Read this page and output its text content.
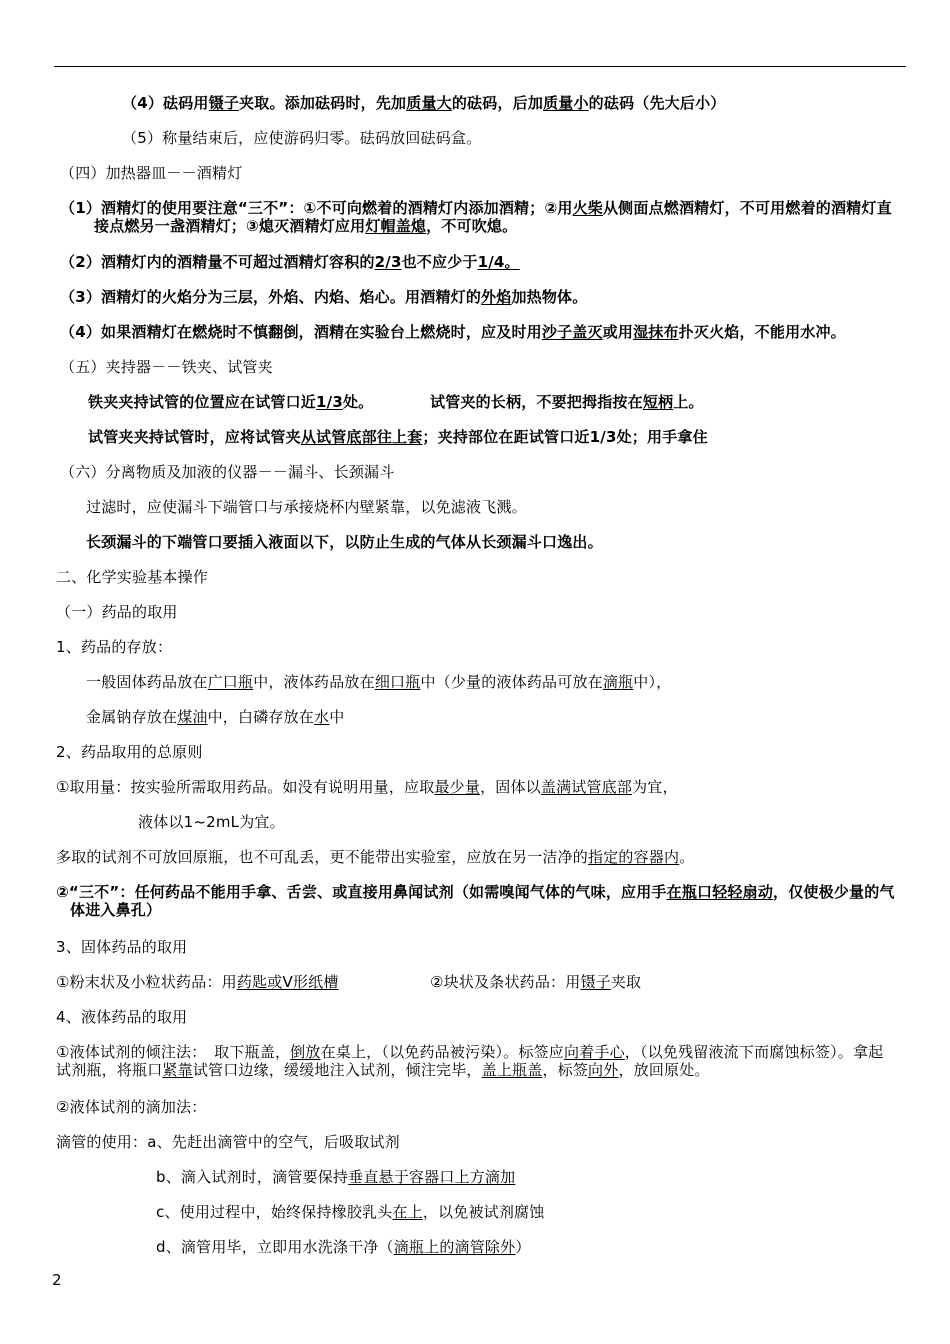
（4）砝码用镊子夹取。添加砝码时，先加质量大的砝码，后加质量小的砝码（先大后小）
（5）称量结束后，应使游码归零。砝码放回砝码盒。
（四）加热器皿－－酒精灯
（1）酒精灯的使用要注意“三不”：①不可向燃着的酒精灯内添加酒精；②用火柴从侧面点燃酒精灯，不可用燃着的酒精灯直接点燃另一盏酒精灯；③熄灭酒精灯应用灯帽盖熄，不可吹熄。
（2）酒精灯内的酒精量不可超过酒精灯容积的2/3也不应少于1/4。
（3）酒精灯的火焰分为三层，外焰、内焰、焰心。用酒精灯的外焰加热物体。
（4）如果酒精灯在燃烧时不慎翻倒，酒精在实验台上燃烧时，应及时用沙子盖灭或用湿抹布扑灭火焰，不能用水冲。
（五）夹持器－－铁夹、试管夹
铁夹夹持试管的位置应在试管口近1/3处。	试管夹的长柄，不要把拇指按在短柄上。
试管夹夹持试管时，应将试管夹从试管底部往上套；夹持部位在距试管口近1/3处；用手拿住
（六）分离物质及加液的仪器－－漏斗、长颈漏斗
过滤时，应使漏斗下端管口与承接烧杯内壁紧靠，以免滤液飞溅。
长颈漏斗的下端管口要插入液面以下，以防止生成的气体从长颈漏斗口逸出。
二、化学实验基本操作
（一）药品的取用
1、药品的存放：
一般固体药品放在广口瓶中，液体药品放在细口瓶中（少量的液体药品可放在滴瓶中），
金属钠存放在煤油中，白磷存放在水中
2、药品取用的总原则
①取用量：按实验所需取用药品。如没有说明用量，应取最少量，固体以盖满试管底部为宜，
液体以1~2mL为宜。
多取的试剂不可放回原瓶，也不可乱丢，更不能带出实验室，应放在另一洁净的指定的容器内。
②“三不”：任何药品不能用手拿、舌尝、或直接用鼻闻试剂（如需嗅闻气体的气味，应用手在瓶口轻轻扇动，仅使极少量的气体进入鼻孔）
3、固体药品的取用
①粉末状及小粒状药品：用药匙或V形纸槽	②块状及条状药品：用镊子夹取
4、液体药品的取用
①液体试剂的倾注法：　取下瓶盖，倒放在桌上，（以免药品被污染）。标签应向着手心，（以免残留液流下而腐蚀标签）。拿起试剂瓶，将瓶口紧靠试管口边缘，缓缓地注入试剂，倾注完毕，盖上瓶盖，标签向外，放回原处。
②液体试剂的滴加法：
滴管的使用：a、先赶出滴管中的空气，后吸取试剂
b、滴入试剂时，滴管要保持垂直悬于容器口上方滴加
c、使用过程中，始终保持橡胶乳头在上，以免被试剂腐蚀
d、滴管用毕，立即用水洗涤干净（滴瓶上的滴管除外）
2
